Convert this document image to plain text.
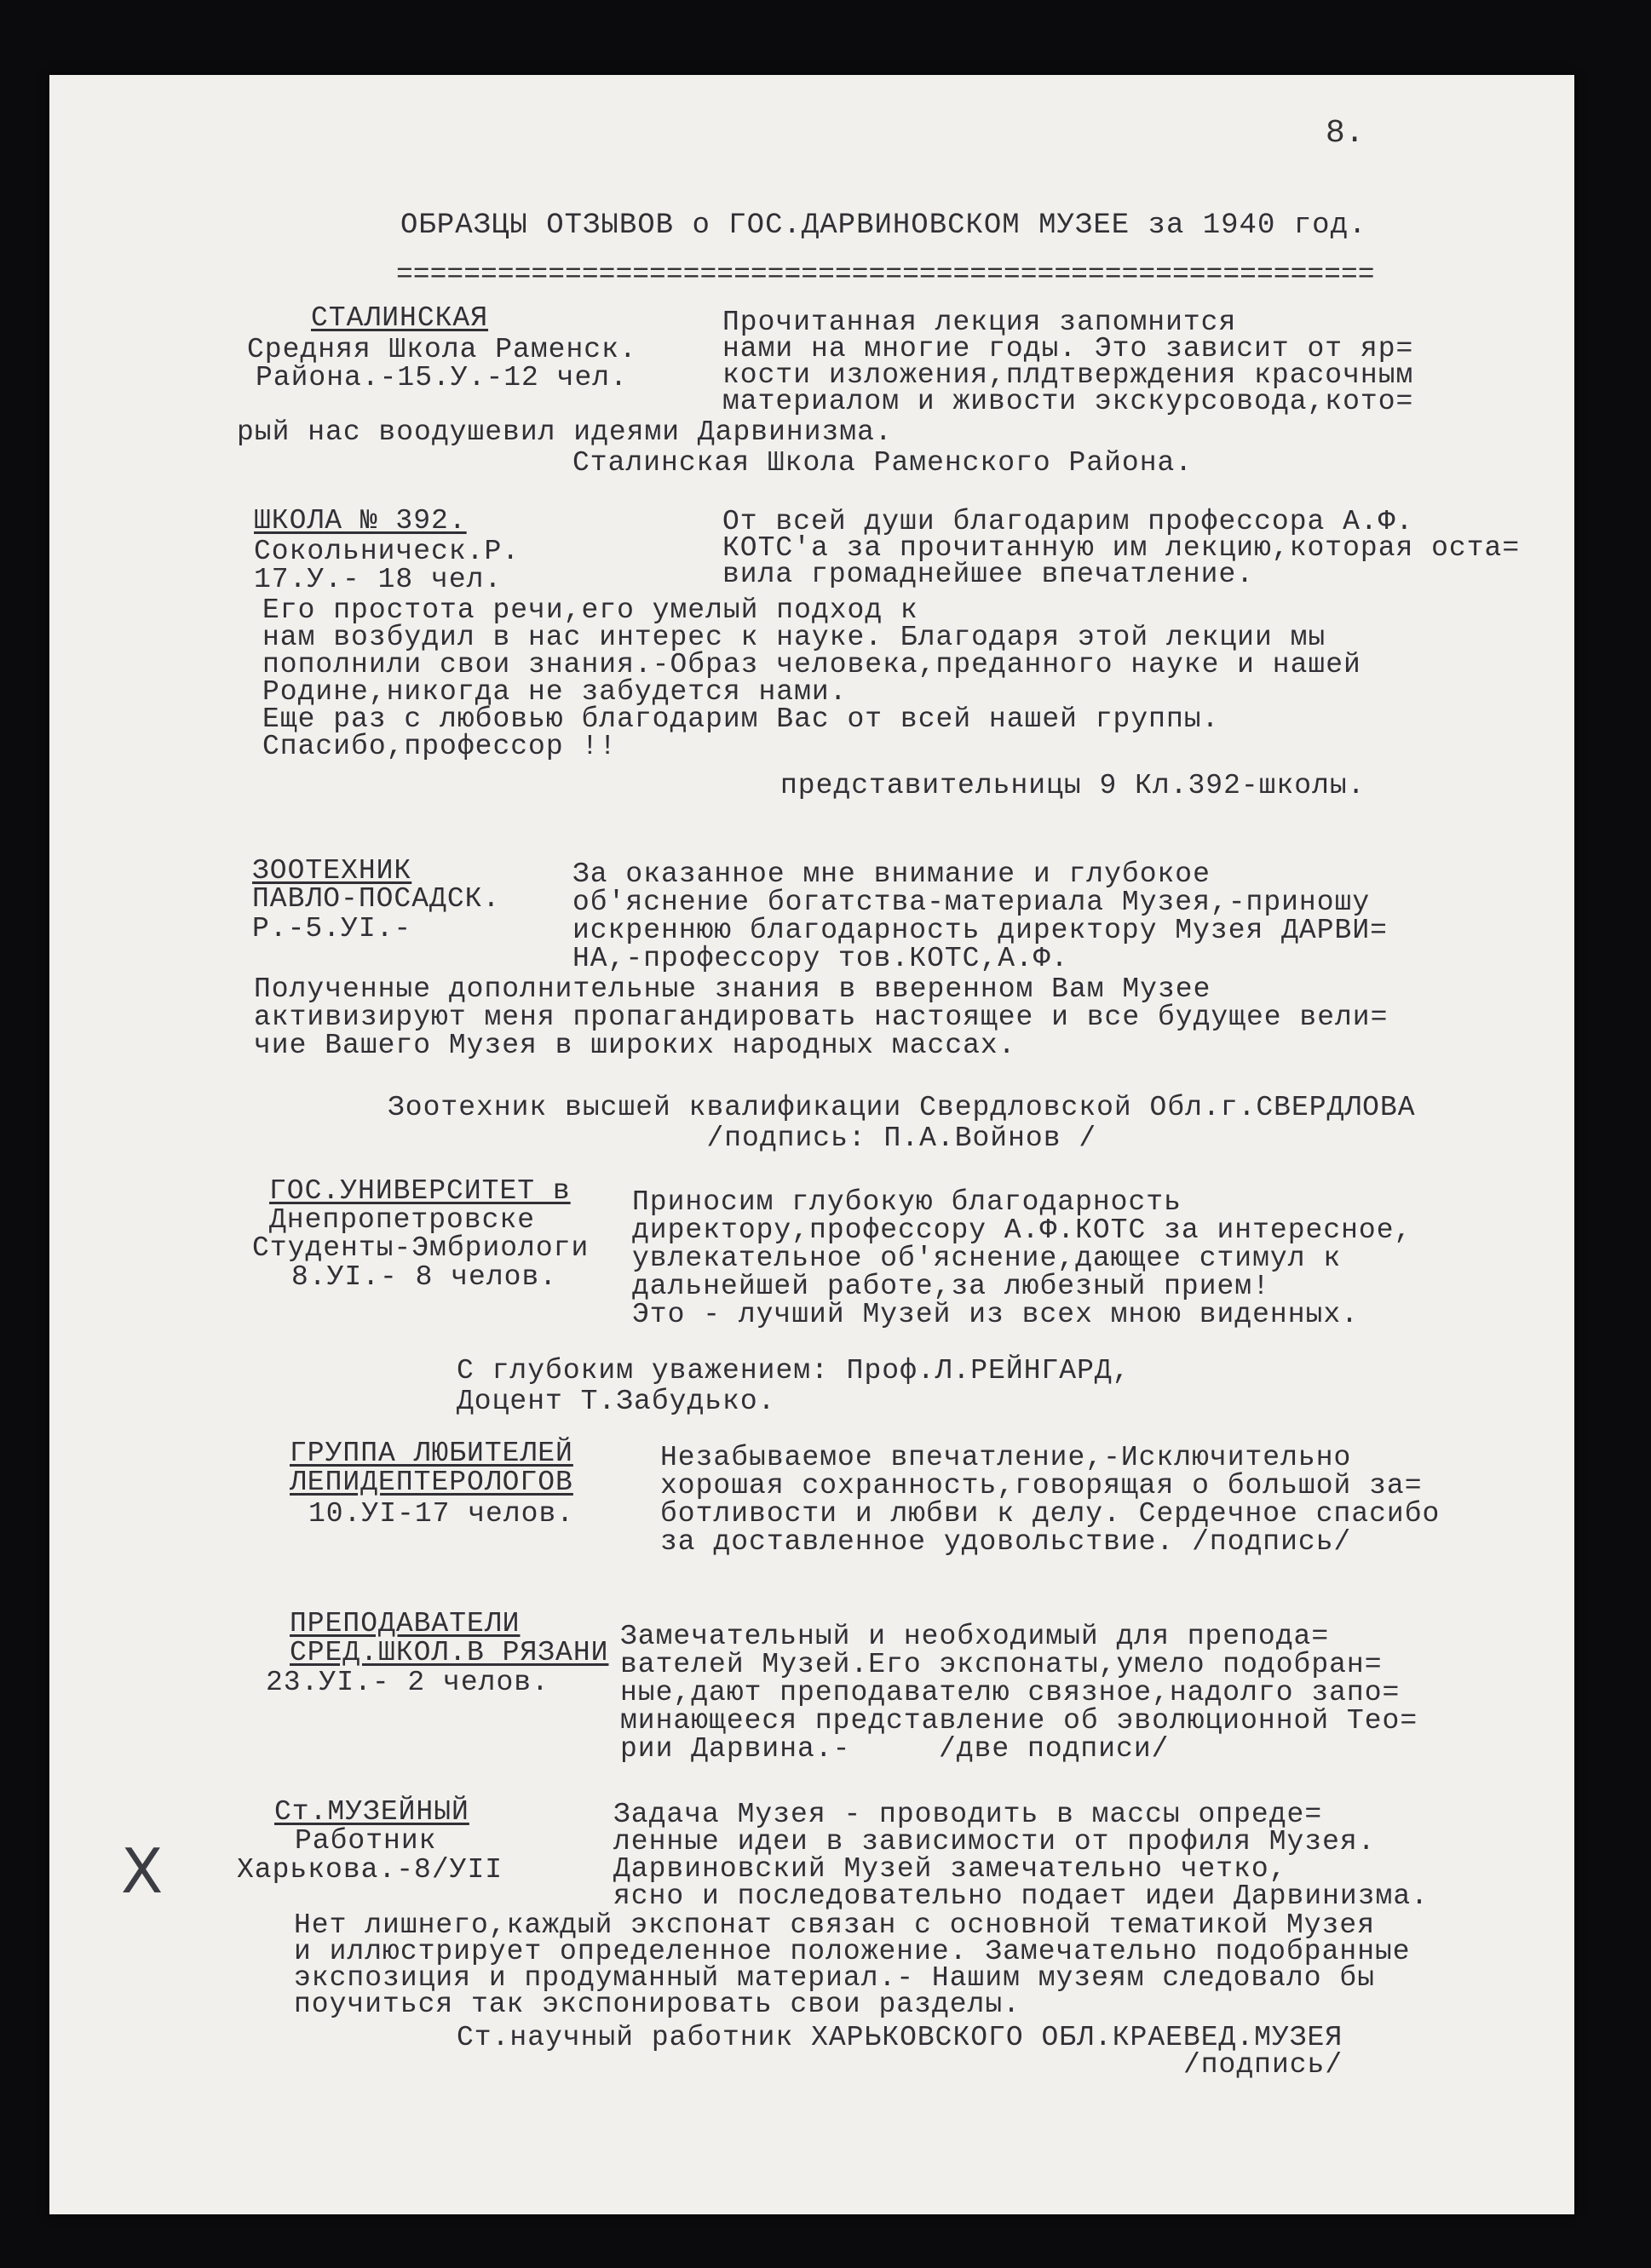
8.
ОБРАЗЦЫ ОТЗЫВОВ о ГОС.ДАРВИНОВСКОМ МУЗЕЕ за 1940 год.
==========================================================
СТАЛИНСКАЯ
Средняя Школа Раменск.
Района.-15.У.-12 чел.
Прочитанная лекция запомнится
нами на многие годы. Это зависит от яр=
кости изложения,плдтверждения красочным
материалом и живости экскурсовода,кото=
рый нас воодушевил идеями Дарвинизма.
Сталинская Школа Раменского Района.
ШКОЛА № 392.
Сокольническ.Р.
17.У.- 18 чел.
От всей души благодарим профессора А.Ф.
КОТС'а за прочитанную им лекцию,которая оста=
вила громаднейшее впечатление.
Его простота речи,его умелый подход к
нам возбудил в нас интерес к науке. Благодаря этой лекции мы
пополнили свои знания.-Образ человека,преданного науке и нашей
Родине,никогда не забудется нами.
Еще раз с любовью благодарим Вас от всей нашей группы.
Спасибо,профессор !!
представительницы 9 Кл.392-школы.
ЗООТЕХНИК
ПАВЛО-ПОСАДСК.
Р.-5.УI.-
За оказанное мне внимание и глубокое
об'яснение богатства-материала Музея,-приношу
искреннюю благодарность директору Музея ДАРВИ=
НА,-профессору тов.КОТС,А.Ф.
Полученные дополнительные знания в вверенном Вам Музее
активизируют меня пропагандировать настоящее и все будущее вели=
чие Вашего Музея в широких народных массах.
Зоотехник высшей квалификации Свердловской Обл.г.СВЕРДЛОВА
/подпись: П.А.Войнов /
ГОС.УНИВЕРСИТЕТ в
Днепропетровске
Студенты-Эмбриологи
8.УI.- 8 челов.
Приносим глубокую благодарность
директору,профессору А.Ф.КОТС за интересное,
увлекательное об'яснение,дающее стимул к
дальнейшей работе,за любезный прием!
Это - лучший Музей из всех мною виденных.
С глубоким уважением: Проф.Л.РЕЙНГАРД,
Доцент Т.Забудько.
ГРУППА ЛЮБИТЕЛЕЙ
ЛЕПИДЕПТЕРОЛОГОВ
10.УI-17 челов.
Незабываемое впечатление,-Исключительно
хорошая сохранность,говорящая о большой за=
ботливости и любви к делу. Сердечное спасибо
за доставленное удовольствие. /подпись/
ПРЕПОДАВАТЕЛИ
СРЕД.ШКОЛ.В РЯЗАНИ
23.УI.- 2 челов.
Замечательный и необходимый для препода=
вателей Музей.Его экспонаты,умело подобран=
ные,дают преподавателю связное,надолго запо=
минающееся представление об эволюционной Тео=
рии Дарвина.-	/две подписи/
Ст.МУЗЕЙНЫЙ
Работник
Харькова.-8/УII
Задача Музея - проводить в массы опреде=
ленные идеи в зависимости от профиля Музея.
Дарвиновский Музей замечательно четко,
ясно и последовательно подает идеи Дарвинизма.
Нет лишнего,каждый экспонат связан с основной тематикой Музея
и иллюстрирует определенное положение. Замечательно подобранные
экспозиция и продуманный материал.- Нашим музеям следовало бы
поучиться так экспонировать свои разделы.
Ст.научный работник ХАРЬКОВСКОГО ОБЛ.КРАЕВЕД.МУЗЕЯ
/подпись/
X
